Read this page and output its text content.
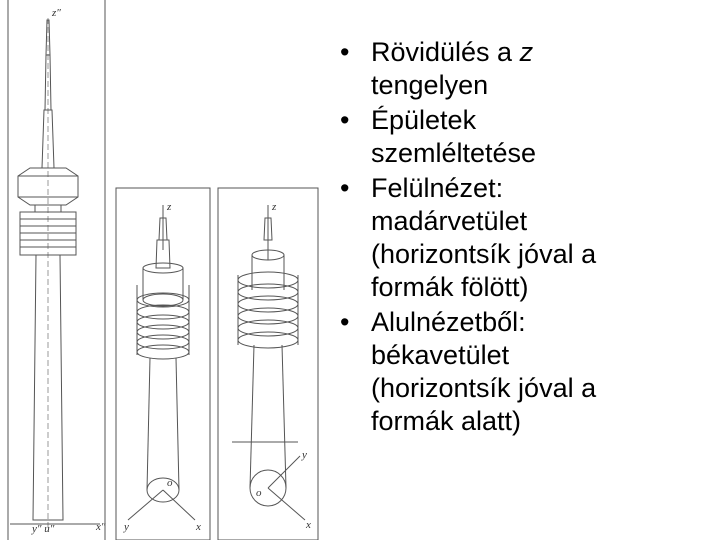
z″
y″ u″	x″
z
o
y	x
z
o
y
x
• Rövidülés a z
tengelyen
• Épületek
szemléltetése
• Felülnézet:
madárvetület
(horizontsík jóval a
formák fölött)
• Alulnézetből:
békavetület
(horizontsík jóval a
formák alatt)
